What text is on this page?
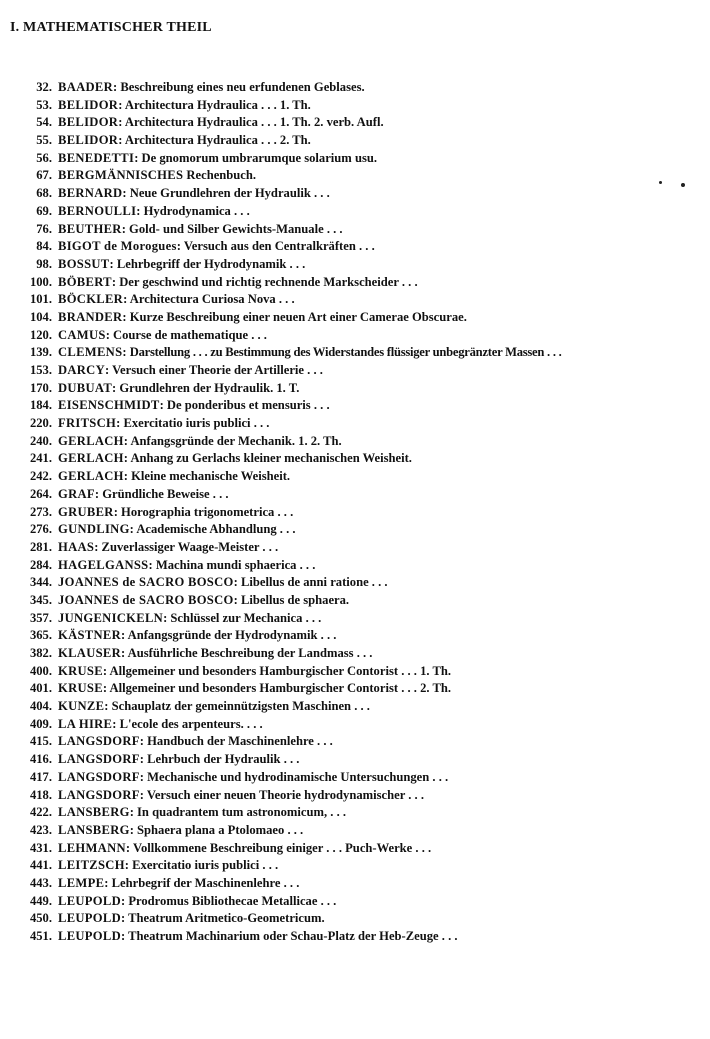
I. MATHEMATISCHER THEIL
32. BAADER: Beschreibung eines neu erfundenen Geblases.
53. BELIDOR: Architectura Hydraulica . . . 1. Th.
54. BELIDOR: Architectura Hydraulica . . . 1. Th. 2. verb. Aufl.
55. BELIDOR: Architectura Hydraulica . . . 2. Th.
56. BENEDETTI: De gnomorum umbrarumque solarium usu.
67. BERGMÄNNISCHES Rechenbuch.
68. BERNARD: Neue Grundlehren der Hydraulik . . .
69. BERNOULLI: Hydrodynamica . . .
76. BEUTHER: Gold- und Silber Gewichts-Manuale . . .
84. BIGOT de Morogues: Versuch aus den Centralkräften . . .
98. BOSSUT: Lehrbegriff der Hydrodynamik . . .
100. BÖBERT: Der geschwind und richtig rechnende Markscheider . . .
101. BÖCKLER: Architectura Curiosa Nova . . .
104. BRANDER: Kurze Beschreibung einer neuen Art einer Camerae Obscurae.
120. CAMUS: Course de mathematique . . .
139. CLEMENS: Darstellung . . . zu Bestimmung des Widerstandes flüssiger unbegränzter Massen . . .
153. DARCY: Versuch einer Theorie der Artillerie . . .
170. DUBUAT: Grundlehren der Hydraulik. 1. T.
184. EISENSCHMIDT: De ponderibus et mensuris . . .
220. FRITSCH: Exercitatio iuris publici . . .
240. GERLACH: Anfangsgründe der Mechanik. 1. 2. Th.
241. GERLACH: Anhang zu Gerlachs kleiner mechanischen Weisheit.
242. GERLACH: Kleine mechanische Weisheit.
264. GRAF: Gründliche Beweise . . .
273. GRUBER: Horographia trigonometrica . . .
276. GUNDLING: Academische Abhandlung . . .
281. HAAS: Zuverlassiger Waage-Meister . . .
284. HAGELGANSS: Machina mundi sphaerica . . .
344. JOANNES de SACRO BOSCO: Libellus de anni ratione . . .
345. JOANNES de SACRO BOSCO: Libellus de sphaera.
357. JUNGENICKELN: Schlüssel zur Mechanica . . .
365. KÄSTNER: Anfangsgründe der Hydrodynamik . . .
382. KLAUSER: Ausführliche Beschreibung der Landmass . . .
400. KRUSE: Allgemeiner und besonders Hamburgischer Contorist . . . 1. Th.
401. KRUSE: Allgemeiner und besonders Hamburgischer Contorist . . . 2. Th.
404. KUNZE: Schauplatz der gemeinnützigsten Maschinen . . .
409. LA HIRE: L'ecole des arpenteurs. . . .
415. LANGSDORF: Handbuch der Maschinenlehre . . .
416. LANGSDORF: Lehrbuch der Hydraulik . . .
417. LANGSDORF: Mechanische und hydrodinamische Untersuchungen . . .
418. LANGSDORF: Versuch einer neuen Theorie hydrodynamischer . . .
422. LANSBERG: In quadrantem tum astronomicum, . . .
423. LANSBERG: Sphaera plana a Ptolomaeo . . .
431. LEHMANN: Vollkommene Beschreibung einiger . . . Puch-Werke . . .
441. LEITZSCH: Exercitatio iuris publici . . .
443. LEMPE: Lehrbegrif der Maschinenlehre . . .
449. LEUPOLD: Prodromus Bibliothecae Metallicae . . .
450. LEUPOLD: Theatrum Aritmetico-Geometricum.
451. LEUPOLD: Theatrum Machinarium oder Schau-Platz der Heb-Zeuge . . .
